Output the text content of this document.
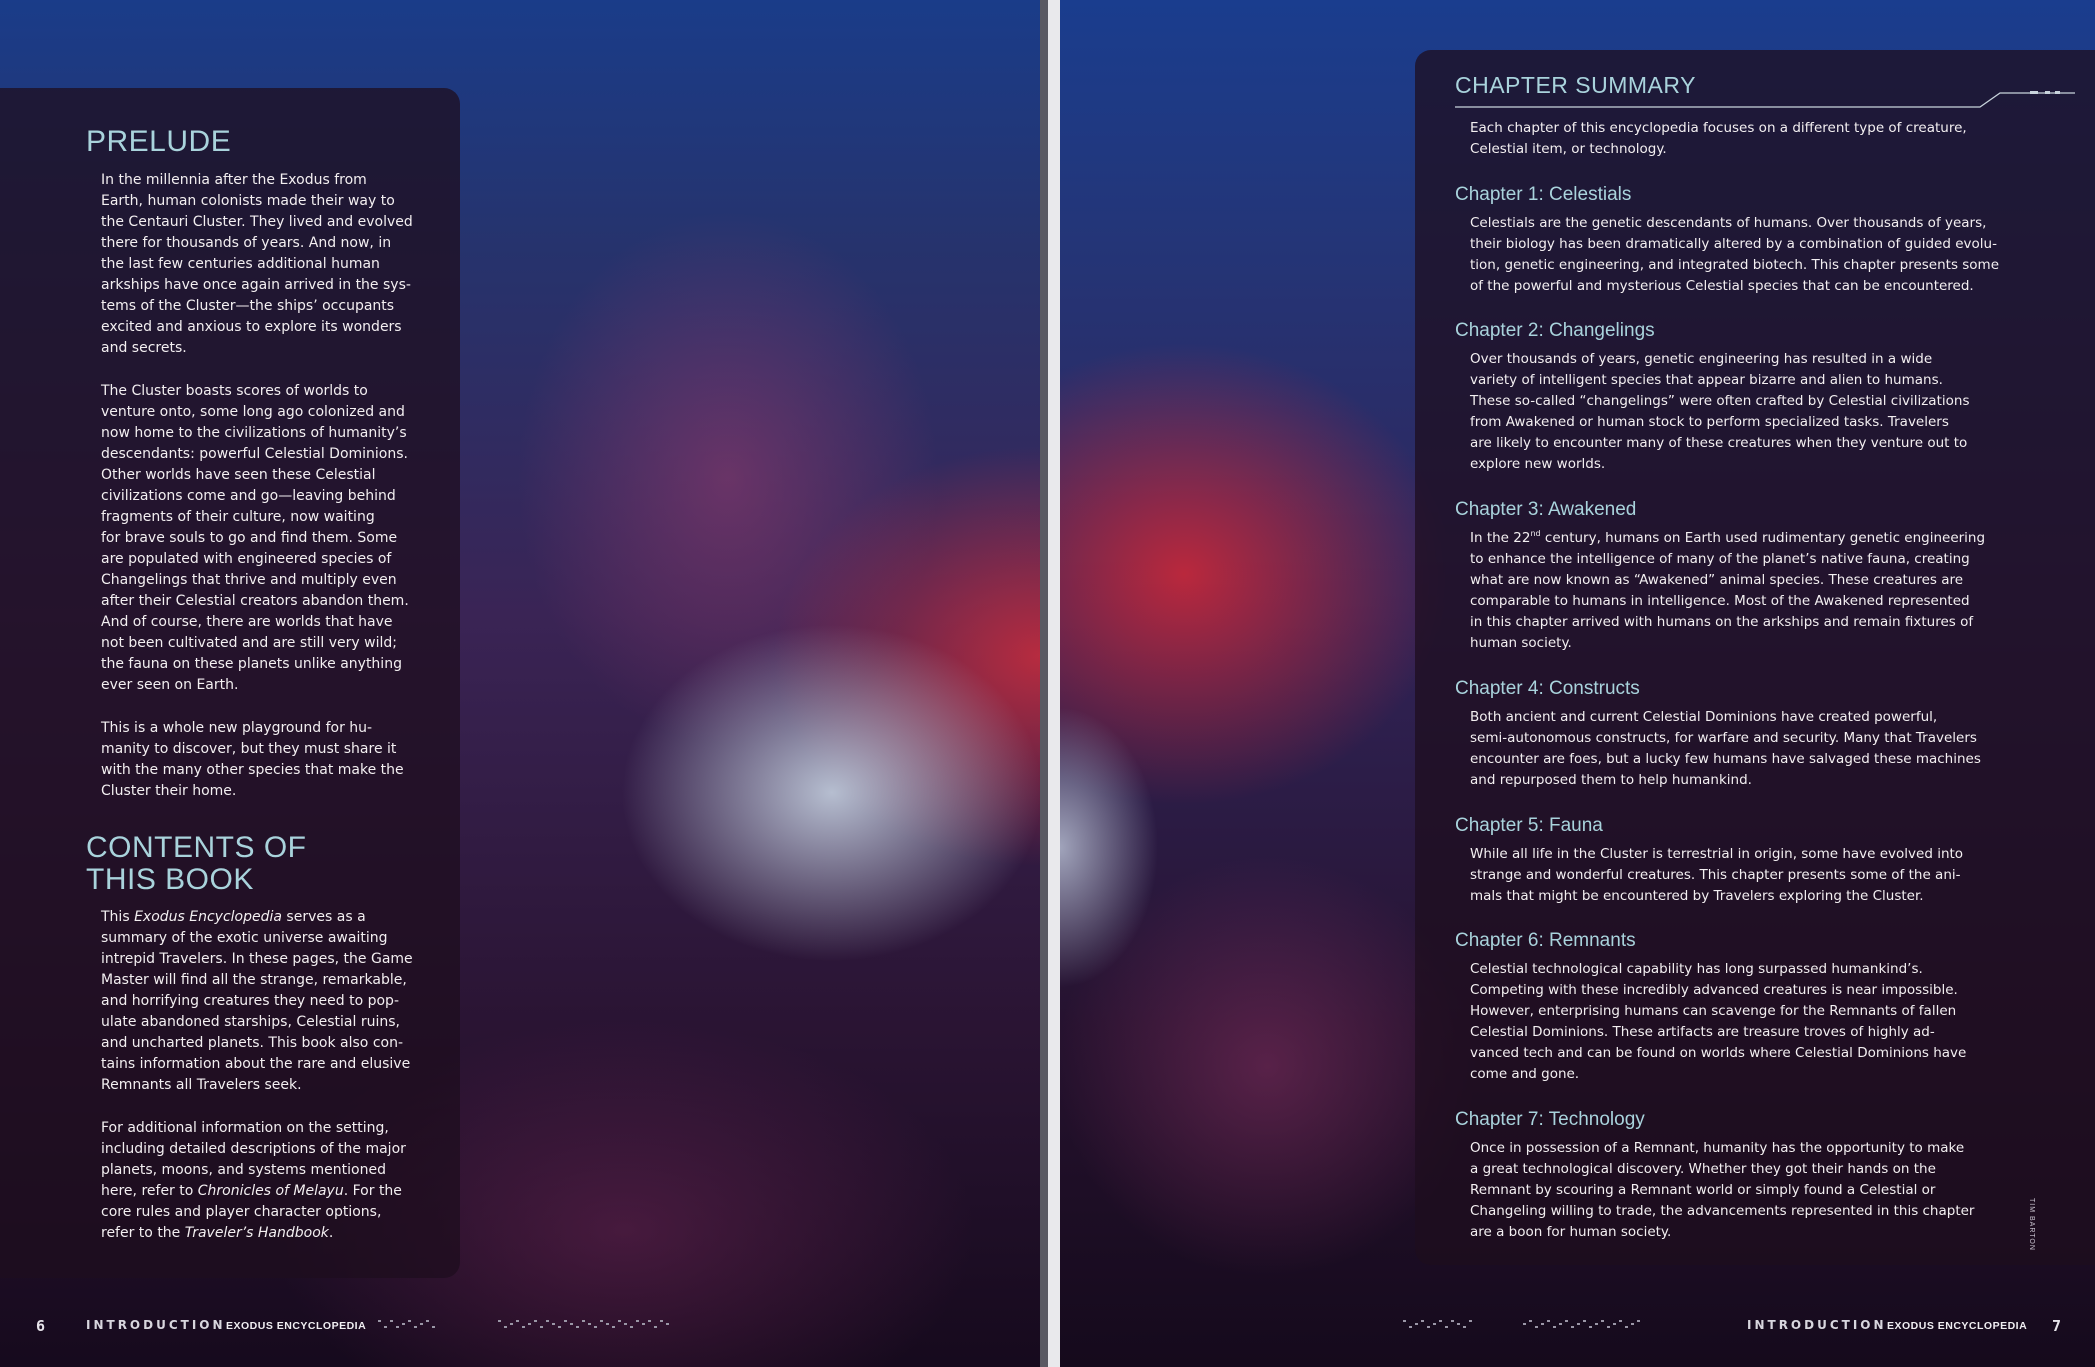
PRELUDE

In the millennia after the Exodus from
Earth, human colonists made their way to
the Centauri Cluster. They lived and evolved
there for thousands of years. And now, in
the last few centuries additional human
arkships have once again arrived in the sys-
tems of the Cluster—the ships’ occupants
excited and anxious to explore its wonders
and secrets.

The Cluster boasts scores of worlds to
venture onto, some long ago colonized and
now home to the civilizations of humanity’s
descendants: powerful Celestial Dominions.
Other worlds have seen these Celestial
civilizations come and go—leaving behind
fragments of their culture, now waiting
for brave souls to go and find them. Some
are populated with engineered species of
Changelings that thrive and multiply even
after their Celestial creators abandon them.
And of course, there are worlds that have
not been cultivated and are still very wild;
the fauna on these planets unlike anything
ever seen on Earth.

This is a whole new playground for hu-
manity to discover, but they must share it
with the many other species that make the
Cluster their home.

CONTENTS OF
THIS BOOK

This Exodus Encyclopedia serves as a
summary of the exotic universe awaiting
intrepid Travelers. In these pages, the Game
Master will find all the strange, remarkable,
and horrifying creatures they need to pop-
ulate abandoned starships, Celestial ruins,
and uncharted planets. This book also con-
tains information about the rare and elusive
Remnants all Travelers seek.

For additional information on the setting,
including detailed descriptions of the major
planets, moons, and systems mentioned
here, refer to Chronicles of Melayu. For the
core rules and player character options,
refer to the Traveler’s Handbook.

6	INTRODUCTION EXODUS ENCYCLOPEDIA
CHAPTER SUMMARY

Each chapter of this encyclopedia focuses on a different type of creature,
Celestial item, or technology.

Chapter 1: Celestials

Celestials are the genetic descendants of humans. Over thousands of years,
their biology has been dramatically altered by a combination of guided evolu-
tion, genetic engineering, and integrated biotech. This chapter presents some
of the powerful and mysterious Celestial species that can be encountered.

Chapter 2: Changelings

Over thousands of years, genetic engineering has resulted in a wide
variety of intelligent species that appear bizarre and alien to humans.
These so-called “changelings” were often crafted by Celestial civilizations
from Awakened or human stock to perform specialized tasks. Travelers
are likely to encounter many of these creatures when they venture out to
explore new worlds.

Chapter 3: Awakened

In the 22nd century, humans on Earth used rudimentary genetic engineering
to enhance the intelligence of many of the planet’s native fauna, creating
what are now known as “Awakened” animal species. These creatures are
comparable to humans in intelligence. Most of the Awakened represented
in this chapter arrived with humans on the arkships and remain fixtures of
human society.

Chapter 4: Constructs

Both ancient and current Celestial Dominions have created powerful,
semi-autonomous constructs, for warfare and security. Many that Travelers
encounter are foes, but a lucky few humans have salvaged these machines
and repurposed them to help humankind.

Chapter 5: Fauna

While all life in the Cluster is terrestrial in origin, some have evolved into
strange and wonderful creatures. This chapter presents some of the ani-
mals that might be encountered by Travelers exploring the Cluster.

Chapter 6: Remnants

Celestial technological capability has long surpassed humankind’s.
Competing with these incredibly advanced creatures is near impossible.
However, enterprising humans can scavenge for the Remnants of fallen
Celestial Dominions. These artifacts are treasure troves of highly ad-
vanced tech and can be found on worlds where Celestial Dominions have
come and gone.

Chapter 7: Technology

Once in possession of a Remnant, humanity has the opportunity to make
a great technological discovery. Whether they got their hands on the
Remnant by scouring a Remnant world or simply found a Celestial or
Changeling willing to trade, the advancements represented in this chapter
are a boon for human society.	TIM BARTON
INTRODUCTION EXODUS ENCYCLOPEDIA 7
